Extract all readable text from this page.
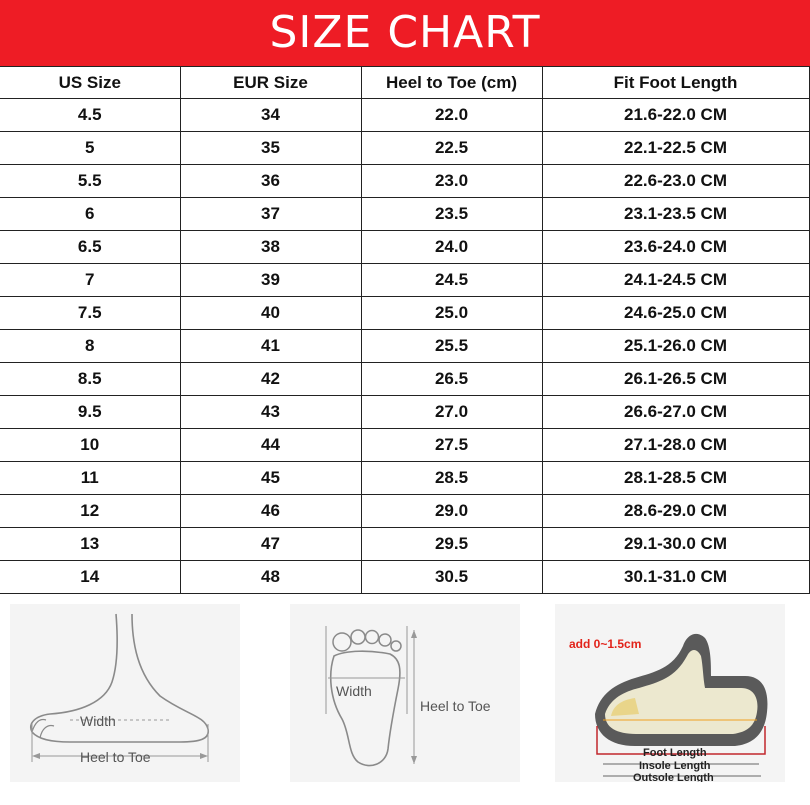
SIZE CHART
US Size	EUR Size	Heel to Toe (cm)	Fit Foot Length
4.5	34	22.0	21.6-22.0 CM
5	35	22.5	22.1-22.5 CM
5.5	36	23.0	22.6-23.0 CM
6	37	23.5	23.1-23.5 CM
6.5	38	24.0	23.6-24.0 CM
7	39	24.5	24.1-24.5 CM
7.5	40	25.0	24.6-25.0 CM
8	41	25.5	25.1-26.0 CM
8.5	42	26.5	26.1-26.5 CM
9.5	43	27.0	26.6-27.0 CM
10	44	27.5	27.1-28.0 CM
11	45	28.5	28.1-28.5 CM
12	46	29.0	28.6-29.0 CM
13	47	29.5	29.1-30.0 CM
14	48	30.5	30.1-31.0 CM
Width
Heel to Toe
Width
Heel to Toe
add 0~1.5cm
Foot Length
Insole Length
Outsole Length
